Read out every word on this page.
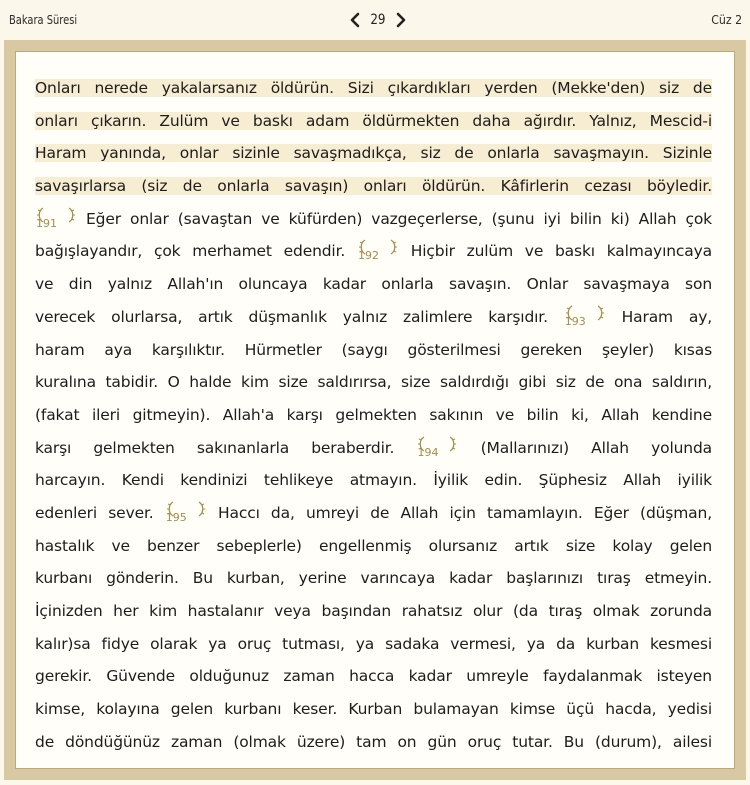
Bakara Süresi	29	Cüz 2
Onları nerede yakalarsanız öldürün. Sizi çıkardıkları yerden (Mekke'den) siz de
onları çıkarın. Zulüm ve baskı adam öldürmekten daha ağırdır. Yalnız, Mescid-i
Haram yanında, onlar sizinle savaşmadıkça, siz de onlarla savaşmayın. Sizinle
savaşırlarsa (siz de onlarla savaşın) onları öldürün. Kâfirlerin cezası böyledir.
191 Eğer onlar (savaştan ve küfürden) vazgeçerlerse, (şunu iyi bilin ki) Allah çok
bağışlayandır, çok merhamet edendir.
192 Hiçbir zulüm ve baskı kalmayıncaya
ve din yalnız Allah'ın oluncaya kadar onlarla savaşın. Onlar savaşmaya son
verecek olurlarsa, artık düşmanlık yalnız zalimlere karşıdır.
193 Haram ay,
haram aya karşılıktır. Hürmetler (saygı gösterilmesi gereken şeyler) kısas
kuralına tabidir. O halde kim size saldırırsa, size saldırdığı gibi siz de ona saldırın,
(fakat ileri gitmeyin). Allah'a karşı gelmekten sakının ve bilin ki, Allah kendine
karşı gelmekten sakınanlarla beraberdir.
194 (Mallarınızı) Allah yolunda
harcayın. Kendi kendinizi tehlikeye atmayın. İyilik edin. Şüphesiz Allah iyilik
edenleri sever.
195 Haccı da, umreyi de Allah için tamamlayın. Eğer (düşman,
hastalık ve benzer sebeplerle) engellenmiş olursanız artık size kolay gelen
kurbanı gönderin. Bu kurban, yerine varıncaya kadar başlarınızı tıraş etmeyin.
İçinizden her kim hastalanır veya başından rahatsız olur (da tıraş olmak zorunda
kalır)sa fidye olarak ya oruç tutması, ya sadaka vermesi, ya da kurban kesmesi
gerekir. Güvende olduğunuz zaman hacca kadar umreyle faydalanmak isteyen
kimse, kolayına gelen kurbanı keser. Kurban bulamayan kimse üçü hacda, yedisi
de döndüğünüz zaman (olmak üzere) tam on gün oruç tutar. Bu (durum), ailesi
